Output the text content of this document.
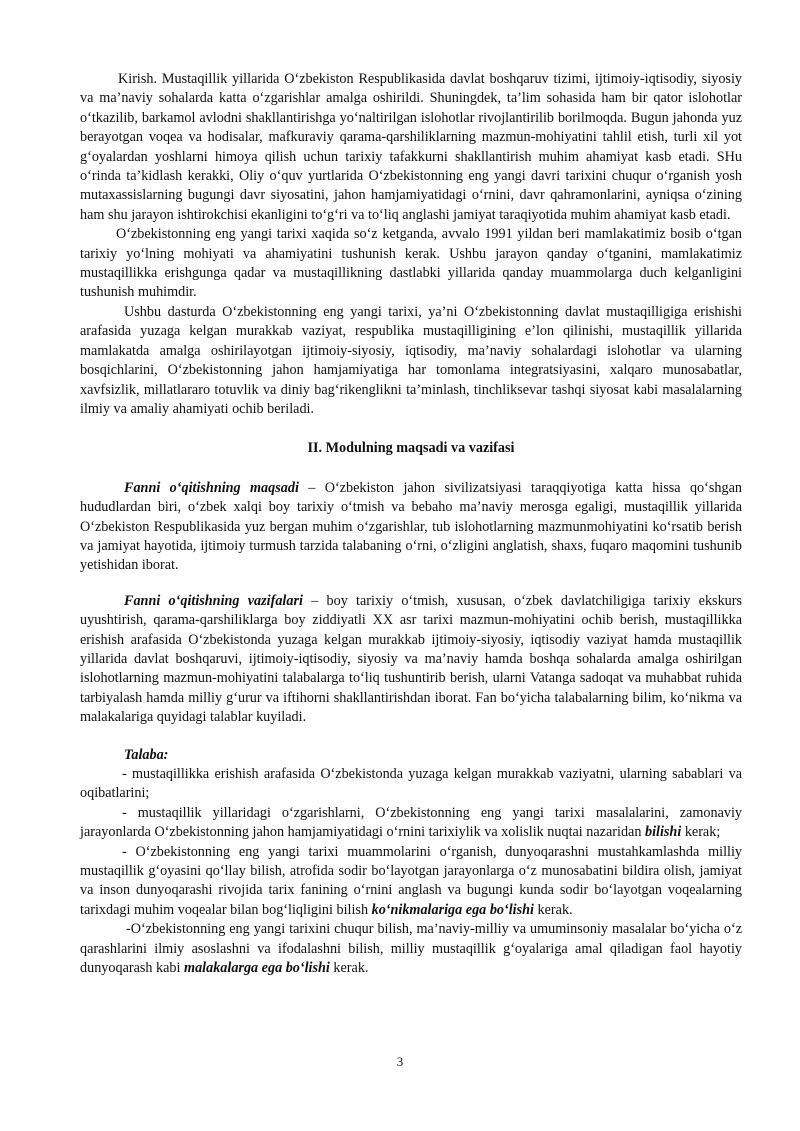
Kirish. Mustaqillik yillarida O‘zbekiston Respublikasida davlat boshqaruv tizimi, ijtimoiy-iqtisodiy, siyosiy va ma’naviy sohalarda katta o‘zgarishlar amalga oshirildi. Shuningdek, ta’lim sohasida ham bir qator islohotlar o‘tkazilib, barkamol avlodni shakllantirishga yo‘naltirilgan islohotlar rivojlantirilib borilmoqda. Bugun jahonda yuz berayotgan voqea va hodisalar, mafkuraviy qarama-qarshiliklarning mazmun-mohiyatini tahlil etish, turli xil yot g‘oyalardan yoshlarni himoya qilish uchun tarixiy tafakkurni shakllantirish muhim ahamiyat kasb etadi. SHu o‘rinda ta’kidlash kerakki, Oliy o‘quv yurtlarida O‘zbekistonning eng yangi davri tarixini chuqur o‘rganish yosh mutaxassislarning bugungi davr siyosatini, jahon hamjamiyatidagi o‘rnini, davr qahramonlarini, ayniqsa o‘zining ham shu jarayon ishtirokchisi ekanligini to‘g‘ri va to‘liq anglashi jamiyat taraqiyotida muhim ahamiyat kasb etadi.

O‘zbekistonning eng yangi tarixi xaqida so‘z ketganda, avvalo 1991 yildan beri mamlakatimiz bosib o‘tgan tarixiy yo‘lning mohiyati va ahamiyatini tushunish kerak. Ushbu jarayon qanday o‘tganini, mamlakatimiz mustaqillikka erishgunga qadar va mustaqillikning dastlabki yillarida qanday muammolarga duch kelganligini tushunish muhimdir.

Ushbu dasturda O‘zbekistonning eng yangi tarixi, ya’ni O‘zbekistonning davlat mustaqilligiga erishishi arafasida yuzaga kelgan murakkab vaziyat, respublika mustaqilligining e’lon qilinishi, mustaqillik yillarida mamlakatda amalga oshirilayotgan ijtimoiy-siyosiy, iqtisodiy, ma’naviy sohalardagi islohotlar va ularning bosqichlarini, O‘zbekistonning jahon hamjamiyatiga har tomonlama integratsiyasini, xalqaro munosabatlar, xavfsizlik, millatlararo totuvlik va diniy bag‘rikenglikni ta’minlash, tinchliksevar tashqi siyosat kabi masalalarning ilmiy va amaliy ahamiyati ochib beriladi.

II. Modulning maqsadi va vazifasi

Fanni o‘qitishning maqsadi – O‘zbekiston jahon sivilizatsiyasi taraqqiyotiga katta hissa qo‘shgan hududlardan biri, o‘zbek xalqi boy tarixiy o‘tmish va bebaho ma’naviy merosga egaligi, mustaqillik yillarida O‘zbekiston Respublikasida yuz bergan muhim o‘zgarishlar, tub islohotlarning mazmunmohiyatini ko‘rsatib berish va jamiyat hayotida, ijtimoiy turmush tarzida talabaning o‘rni, o‘zligini anglatish, shaxs, fuqaro maqomini tushunib yetishidan iborat.

Fanni o‘qitishning vazifalari – boy tarixiy o‘tmish, xususan, o‘zbek davlatchiligiga tarixiy ekskurs uyushtirish, qarama-qarshiliklarga boy ziddiyatli XX asr tarixi mazmun-mohiyatini ochib berish, mustaqillikka erishish arafasida O‘zbekistonda yuzaga kelgan murakkab ijtimoiy-siyosiy, iqtisodiy vaziyat hamda mustaqillik yillarida davlat boshqaruvi, ijtimoiy-iqtisodiy, siyosiy va ma’naviy hamda boshqa sohalarda amalga oshirilgan islohotlarning mazmun-mohiyatini talabalarga to‘liq tushuntirib berish, ularni Vatanga sadoqat va muhabbat ruhida tarbiyalash hamda milliy g‘urur va iftihorni shakllantirishdan iborat. Fan bo‘yicha talabalarning bilim, ko‘nikma va malakalariga quyidagi talablar kuyiladi.

Talaba:

- mustaqillikka erishish arafasida O‘zbekistonda yuzaga kelgan murakkab vaziyatni, ularning sabablari va oqibatlarini;

- mustaqillik yillaridagi o‘zgarishlarni, O‘zbekistonning eng yangi tarixi masalalarini, zamonaviy jarayonlarda O‘zbekistonning jahon hamjamiyatidagi o‘rnini tarixiylik va xolislik nuqtai nazaridan bilishi kerak;

- O‘zbekistonning eng yangi tarixi muammolarini o‘rganish, dunyoqarashni mustahkamlashda milliy mustaqillik g‘oyasini qo‘llay bilish, atrofida sodir bo‘layotgan jarayonlarga o‘z munosabatini bildira olish, jamiyat va inson dunyoqarashi rivojida tarix fanining o‘rnini anglash va bugungi kunda sodir bo‘layotgan voqealarning tarixdagi muhim voqealar bilan bog‘liqligini bilish ko‘nikmalariga ega bo‘lishi kerak.

-O‘zbekistonning eng yangi tarixini chuqur bilish, ma’naviy-milliy va umuminsoniy masalalar bo‘yicha o‘z qarashlarini ilmiy asoslashni va ifodalashni bilish, milliy mustaqillik g‘oyalariga amal qiladigan faol hayotiy dunyoqarash kabi malakalarga ega bo‘lishi kerak.

3
